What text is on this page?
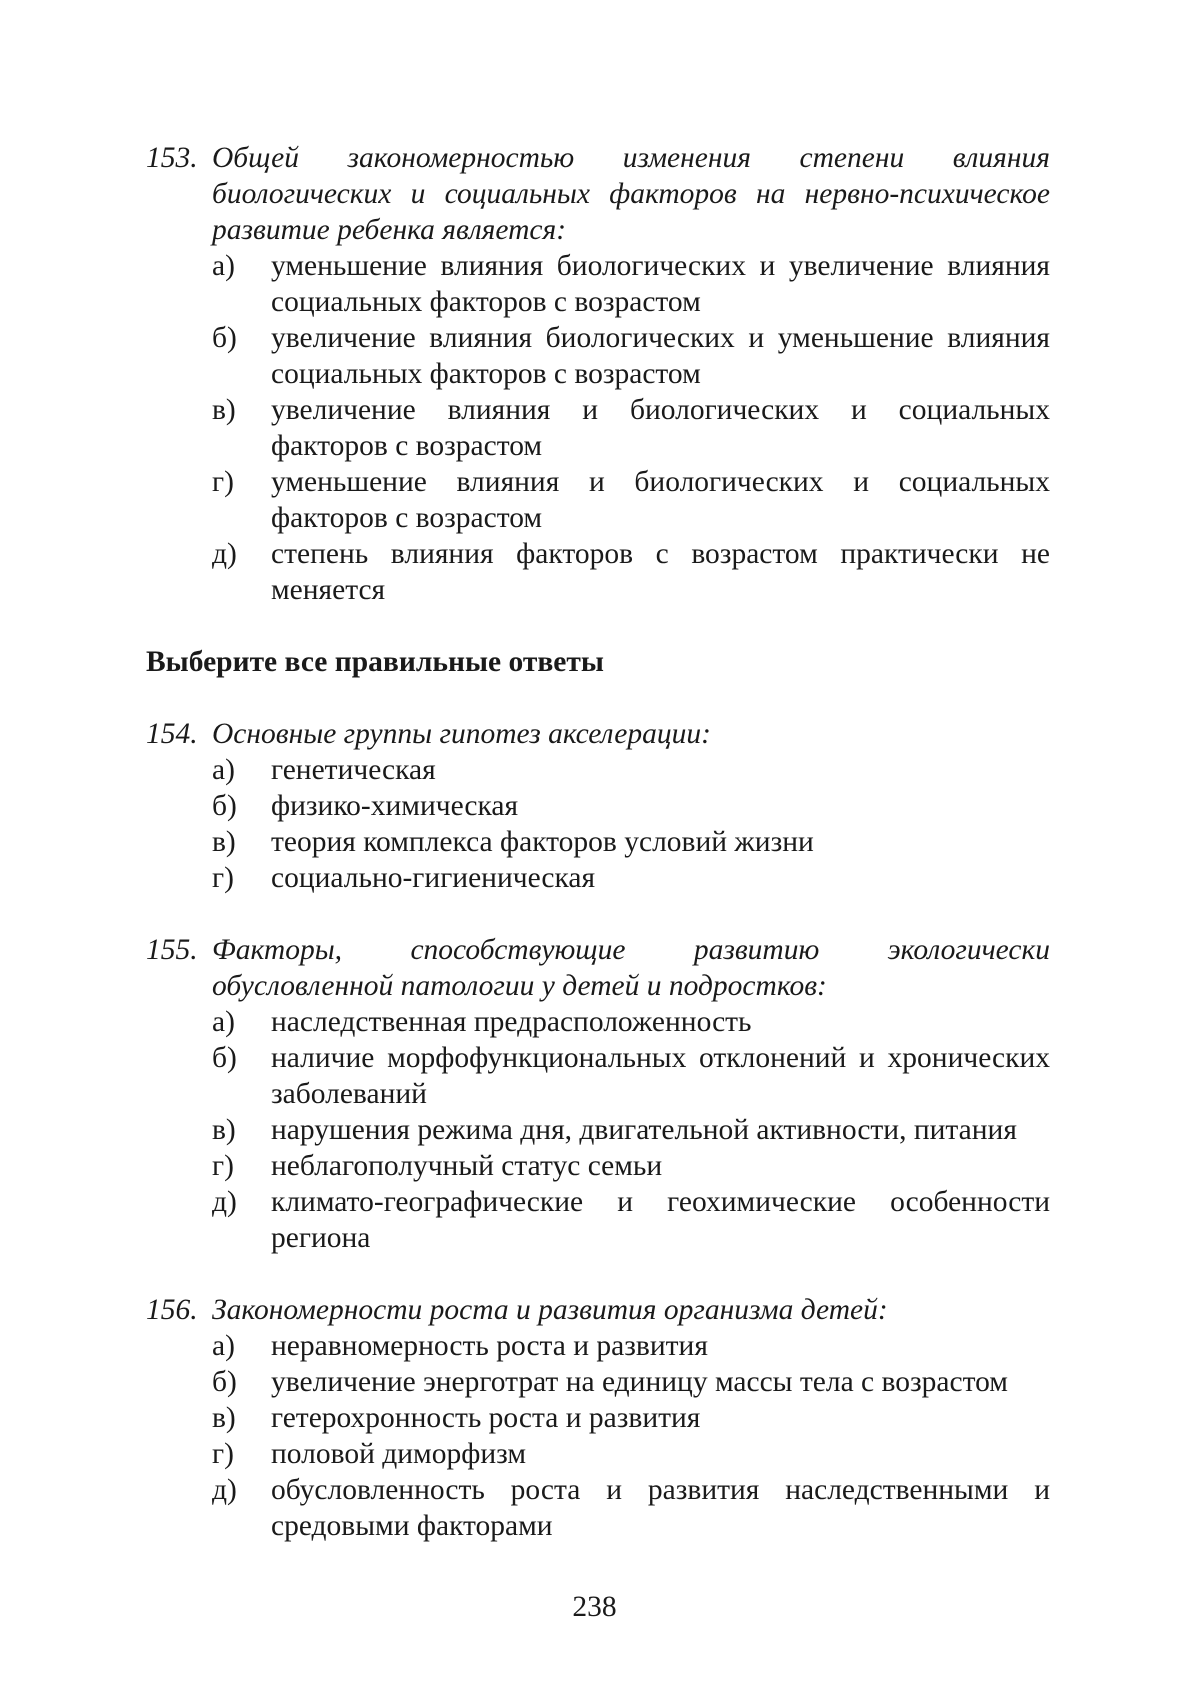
153. Общей закономерностью изменения степени влияния биологических и социальных факторов на нервно-психическое развитие ребенка является:
а)	уменьшение влияния биологических и увеличение влияния социальных факторов с возрастом
б)	увеличение влияния биологических и уменьшение влияния социальных факторов с возрастом
в)	увеличение влияния и биологических и социальных факторов с возрастом
г)	уменьшение влияния и биологических и социальных факторов с возрастом
д)	степень влияния факторов с возрастом практически не меняется
Выберите все правильные ответы
154. Основные группы гипотез акселерации:
а)	генетическая
б)	физико-химическая
в)	теория комплекса факторов условий жизни
г)	социально-гигиеническая
155. Факторы, способствующие развитию экологически обусловленной патологии у детей и подростков:
а)	наследственная предрасположенность
б)	наличие морфофункциональных отклонений и хронических заболеваний
в)	нарушения режима дня, двигательной активности, питания
г)	неблагополучный статус семьи
д)	климато-географические и геохимические особенности региона
156. Закономерности роста и развития организма детей:
а)	неравномерность роста и развития
б)	увеличение энерготрат на единицу массы тела с возрастом
в)	гетерохронность роста и развития
г)	половой диморфизм
д)	обусловленность роста и развития наследственными и средовыми факторами
238
